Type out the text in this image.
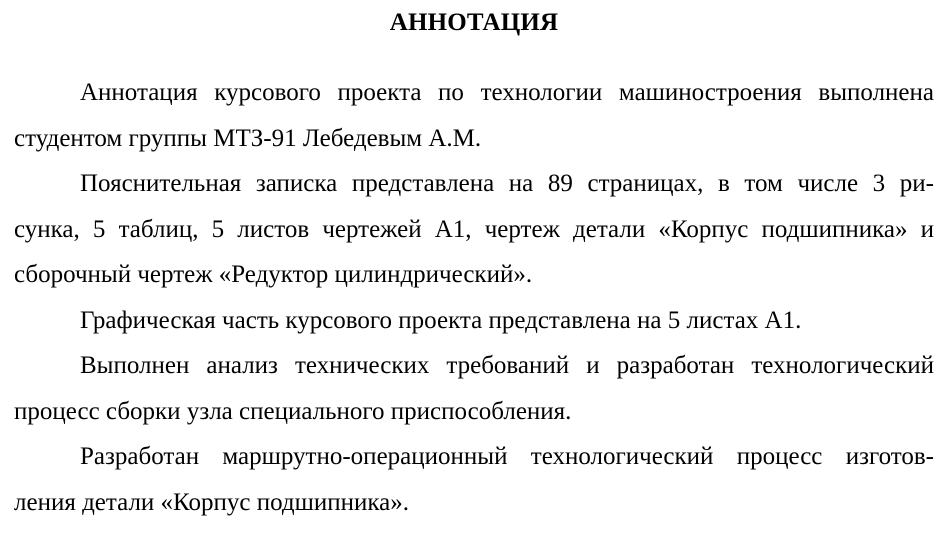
АННОТАЦИЯ

Аннотация курсового проекта по технологии машиностроения выполнена
студентом группы МТЗ-91 Лебедевым А.М.

Пояснительная записка представлена на 89 страницах, в том числе 3 ри-
сунка, 5 таблиц, 5 листов чертежей А1, чертеж детали «Корпус подшипника» и
сборочный чертеж «Редуктор цилиндрический».

Графическая часть курсового проекта представлена на 5 листах А1.

Выполнен анализ технических требований и разработан технологический
процесс сборки узла специального приспособления.

Разработан маршрутно-операционный технологический процесс изготов-
ления детали «Корпус подшипника».
